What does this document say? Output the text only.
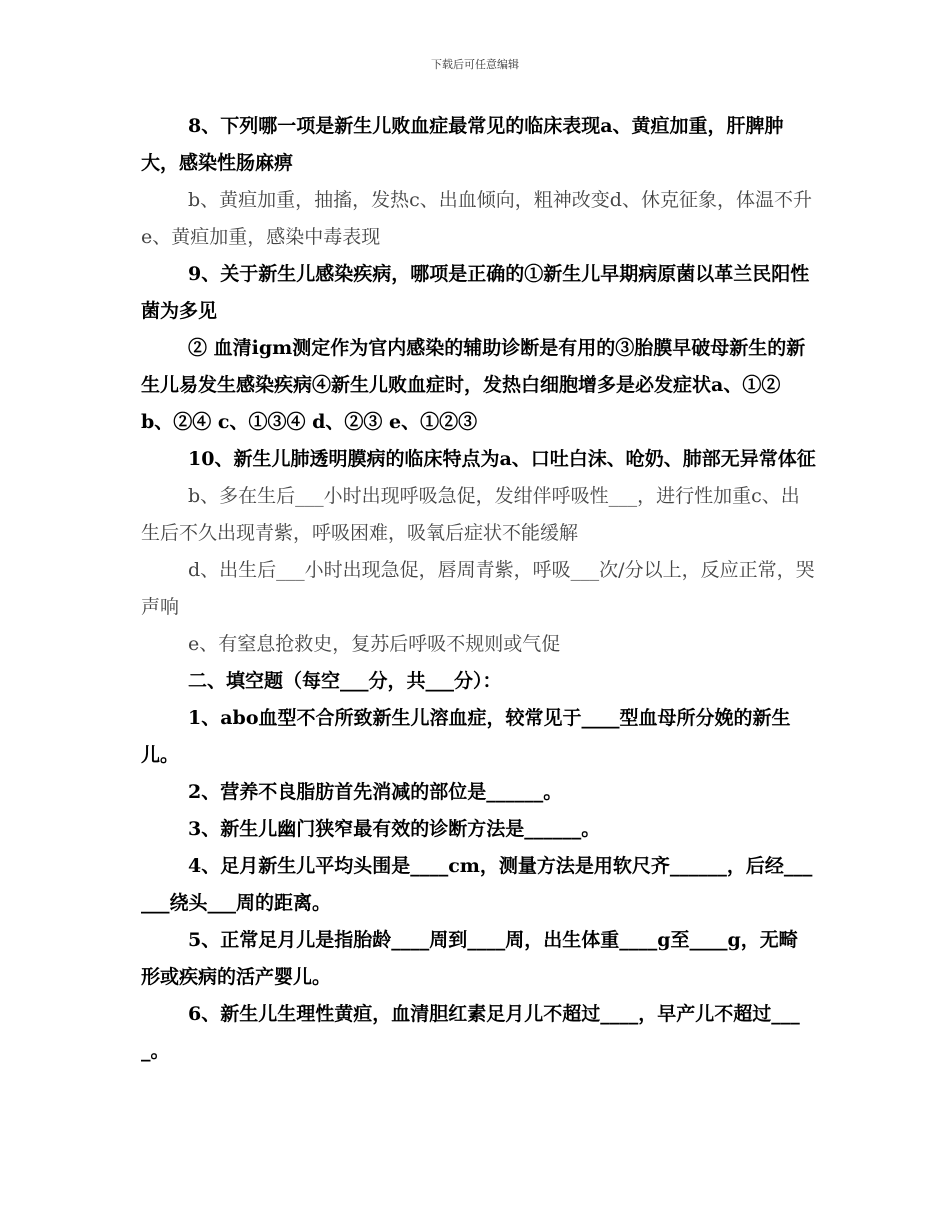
下载后可任意编辑

8、下列哪一项是新生儿败血症最常见的临床表现a、黄疸加重，肝脾肿大，感染性肠麻痹

b、黄疸加重，抽搐，发热c、出血倾向，粗神改变d、休克征象，体温不升e、黄疸加重，感染中毒表现

9、关于新生儿感染疾病，哪项是正确的①新生儿早期病原菌以革兰民阳性菌为多见

② 血清igm测定作为官内感染的辅助诊断是有用的③胎膜早破母新生的新生儿易发生感染疾病④新生儿败血症时，发热白细胞增多是必发症状a、①② b、②④ c、①③④ d、②③ e、①②③

10、新生儿肺透明膜病的临床特点为a、口吐白沫、呛奶、肺部无异常体征

b、多在生后___小时出现呼吸急促，发绀伴呼吸性___，进行性加重c、出生后不久出现青紫，呼吸困难，吸氧后症状不能缓解

d、出生后___小时出现急促，唇周青紫，呼吸___次/分以上，反应正常，哭声响

e、有窒息抢救史，复苏后呼吸不规则或气促

二、填空题（每空___分，共___分）：

1、abo血型不合所致新生儿溶血症，较常见于____型血母所分娩的新生儿。

2、营养不良脂肪首先消减的部位是______。

3、新生儿幽门狭窄最有效的诊断方法是______。

4、足月新生儿平均头围是____cm，测量方法是用软尺齐______，后经______绕头___周的距离。

5、正常足月儿是指胎龄____周到____周，出生体重____g至____g，无畸形或疾病的活产婴儿。

6、新生儿生理性黄疸，血清胆红素足月儿不超过____，早产儿不超过____。
